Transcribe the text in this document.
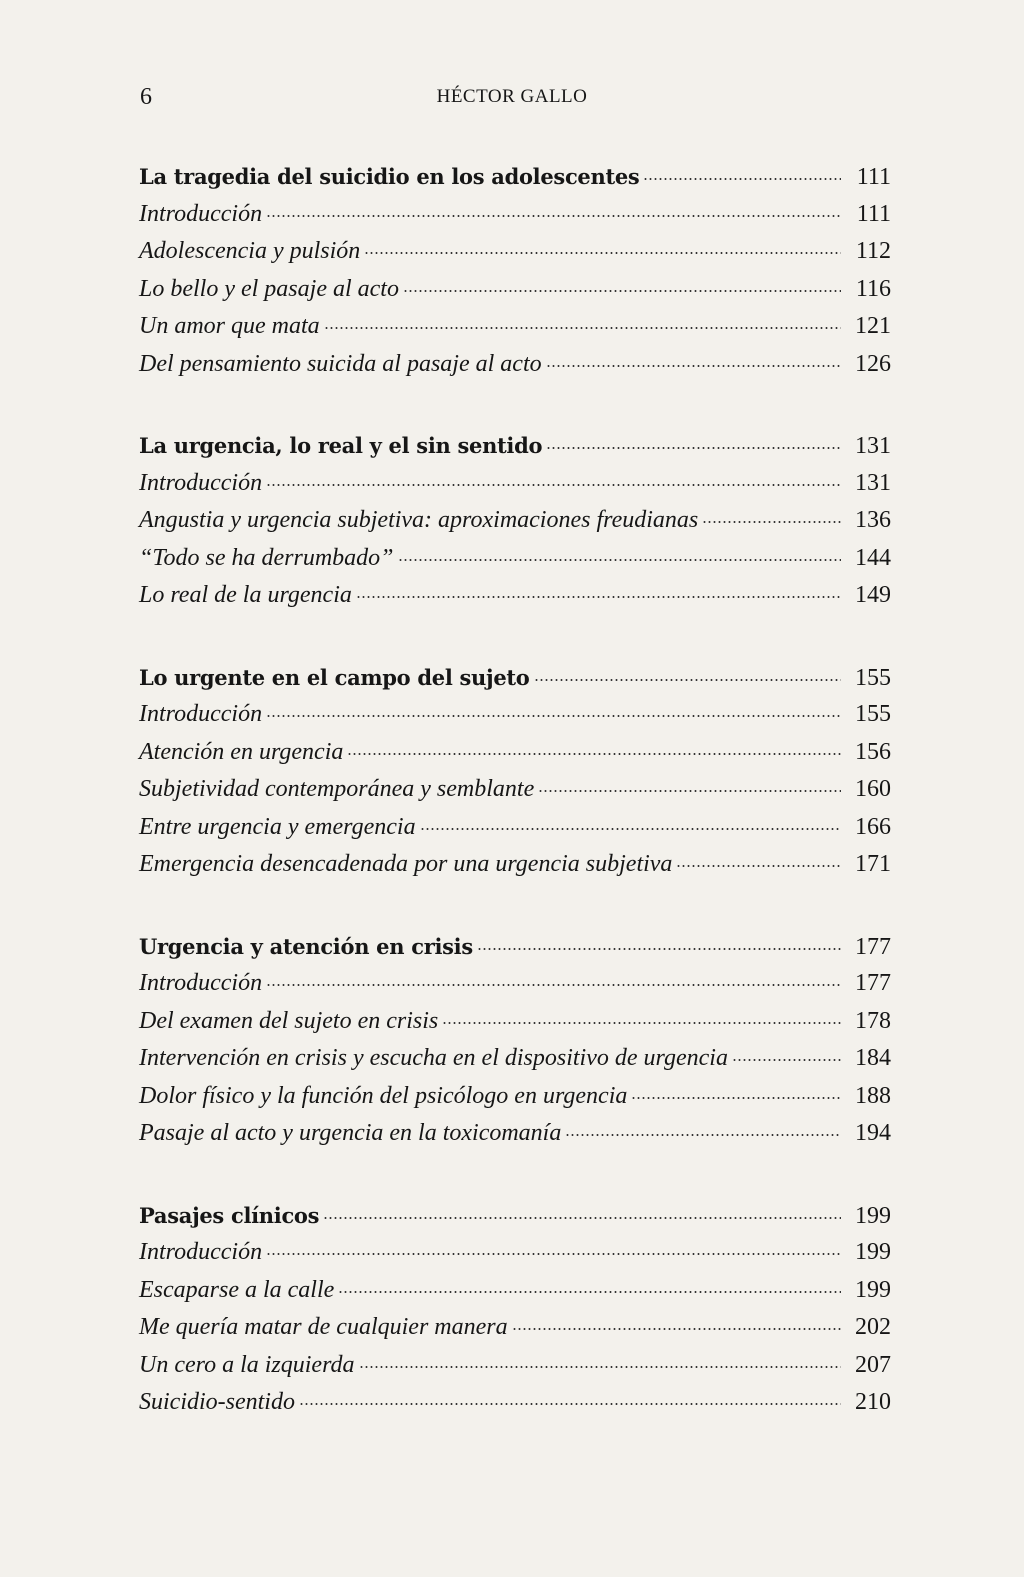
6	HÉCTOR GALLO
La tragedia del suicidio en los adolescentes	111
Introducción	111
Adolescencia y pulsión	112
Lo bello y el pasaje al acto	116
Un amor que mata	121
Del pensamiento suicida al pasaje al acto	126
La urgencia, lo real y el sin sentido	131
Introducción	131
Angustia y urgencia subjetiva: aproximaciones freudianas	136
“Todo se ha derrumbado”	144
Lo real de la urgencia	149
Lo urgente en el campo del sujeto	155
Introducción	155
Atención en urgencia	156
Subjetividad contemporánea y semblante	160
Entre urgencia y emergencia	166
Emergencia desencadenada por una urgencia subjetiva	171
Urgencia y atención en crisis	177
Introducción	177
Del examen del sujeto en crisis	178
Intervención en crisis y escucha en el dispositivo de urgencia	184
Dolor físico y la función del psicólogo en urgencia	188
Pasaje al acto y urgencia en la toxicomanía	194
Pasajes clínicos	199
Introducción	199
Escaparse a la calle	199
Me quería matar de cualquier manera	202
Un cero a la izquierda	207
Suicidio-sentido	210
